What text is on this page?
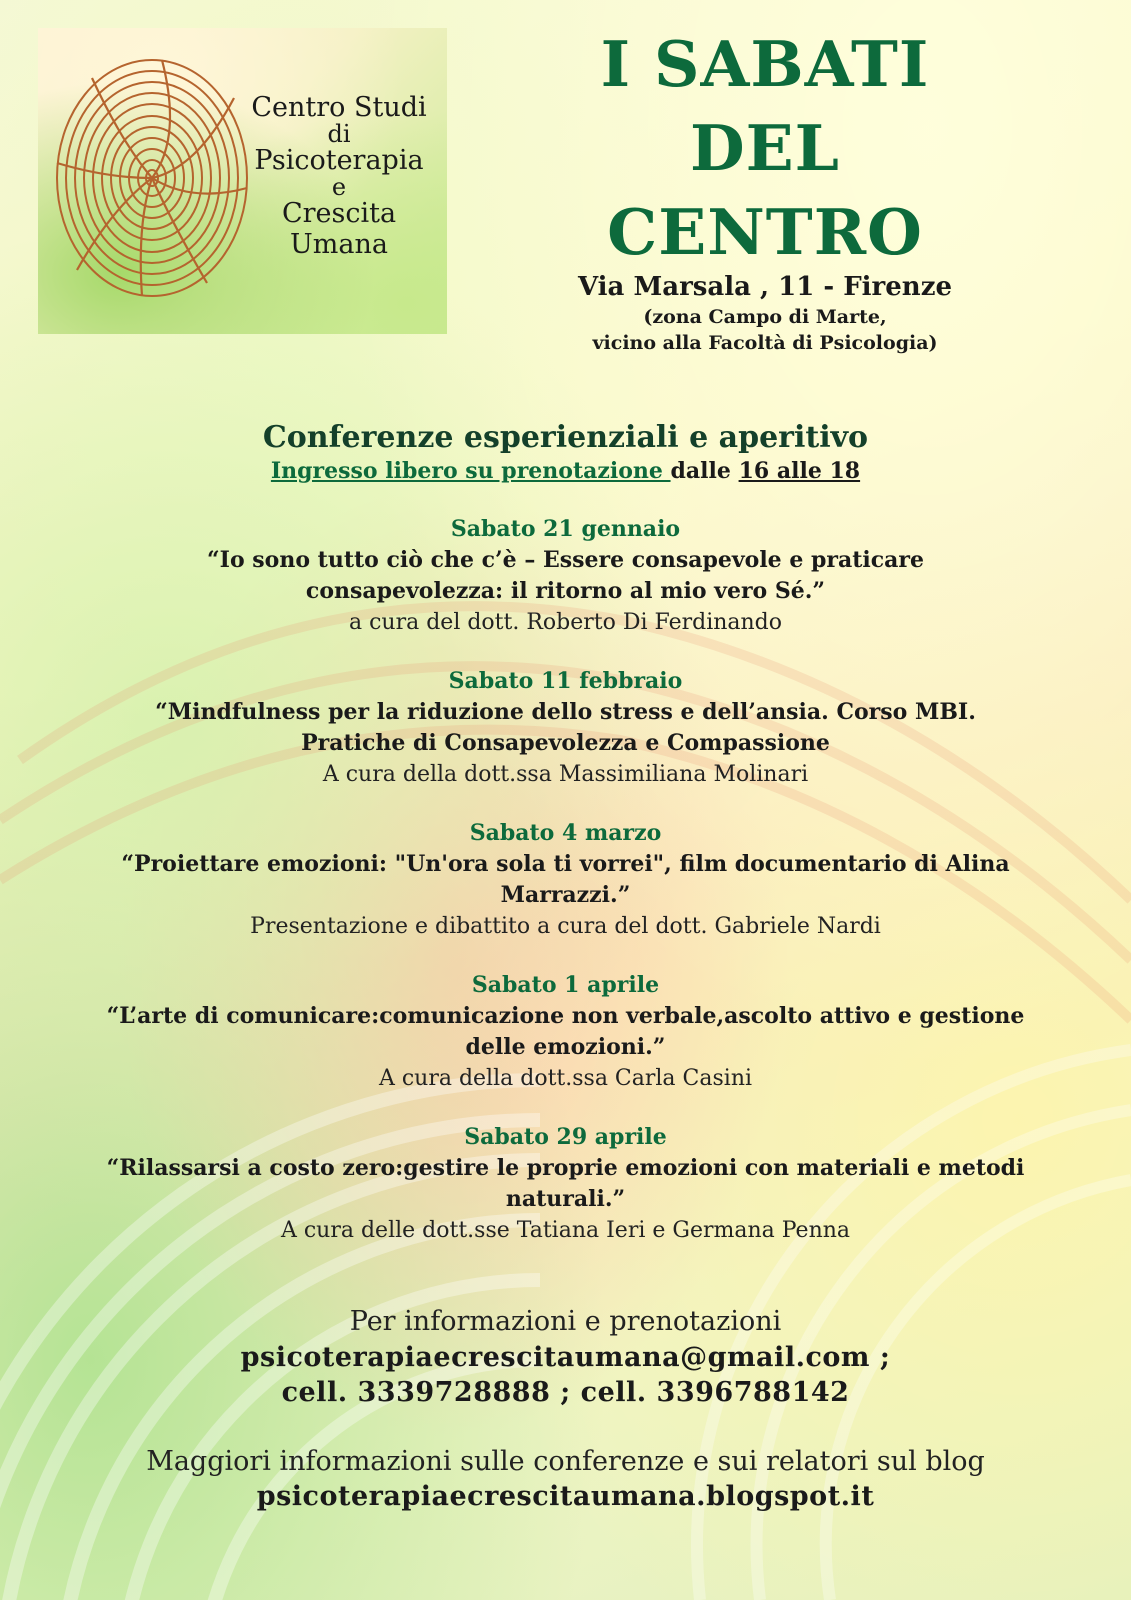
Centro Studi
di
Psicoterapia
e
Crescita Umana
I SABATI
DEL
CENTRO
Via Marsala , 11 - Firenze
(zona Campo di Marte,
vicino alla Facoltà di Psicologia)
Conferenze esperienziali e aperitivo
Ingresso libero su prenotazione dalle 16 alle 18
Sabato 21 gennaio
“Io sono tutto ciò che c’è – Essere consapevole e praticare
consapevolezza: il ritorno al mio vero Sé.”
a cura del dott. Roberto Di Ferdinando
Sabato 11 febbraio
“Mindfulness per la riduzione dello stress e dell’ansia. Corso MBI.
Pratiche di Consapevolezza e Compassione
A cura della dott.ssa Massimiliana Molinari
Sabato 4 marzo
“Proiettare emozioni: "Un'ora sola ti vorrei", film documentario di Alina
Marrazzi.”
Presentazione e dibattito a cura del dott. Gabriele Nardi
Sabato 1 aprile
“L’arte di comunicare:comunicazione non verbale,ascolto attivo e gestione
delle emozioni.”
A cura della dott.ssa Carla Casini
Sabato 29 aprile
“Rilassarsi a costo zero:gestire le proprie emozioni con materiali e metodi
naturali.”
A cura delle dott.sse Tatiana Ieri e Germana Penna
Per informazioni e prenotazioni
psicoterapiaecrescitaumana@gmail.com ;
cell. 3339728888 ; cell. 3396788142
Maggiori informazioni sulle conferenze e sui relatori sul blog
psicoterapiaecrescitaumana.blogspot.it
